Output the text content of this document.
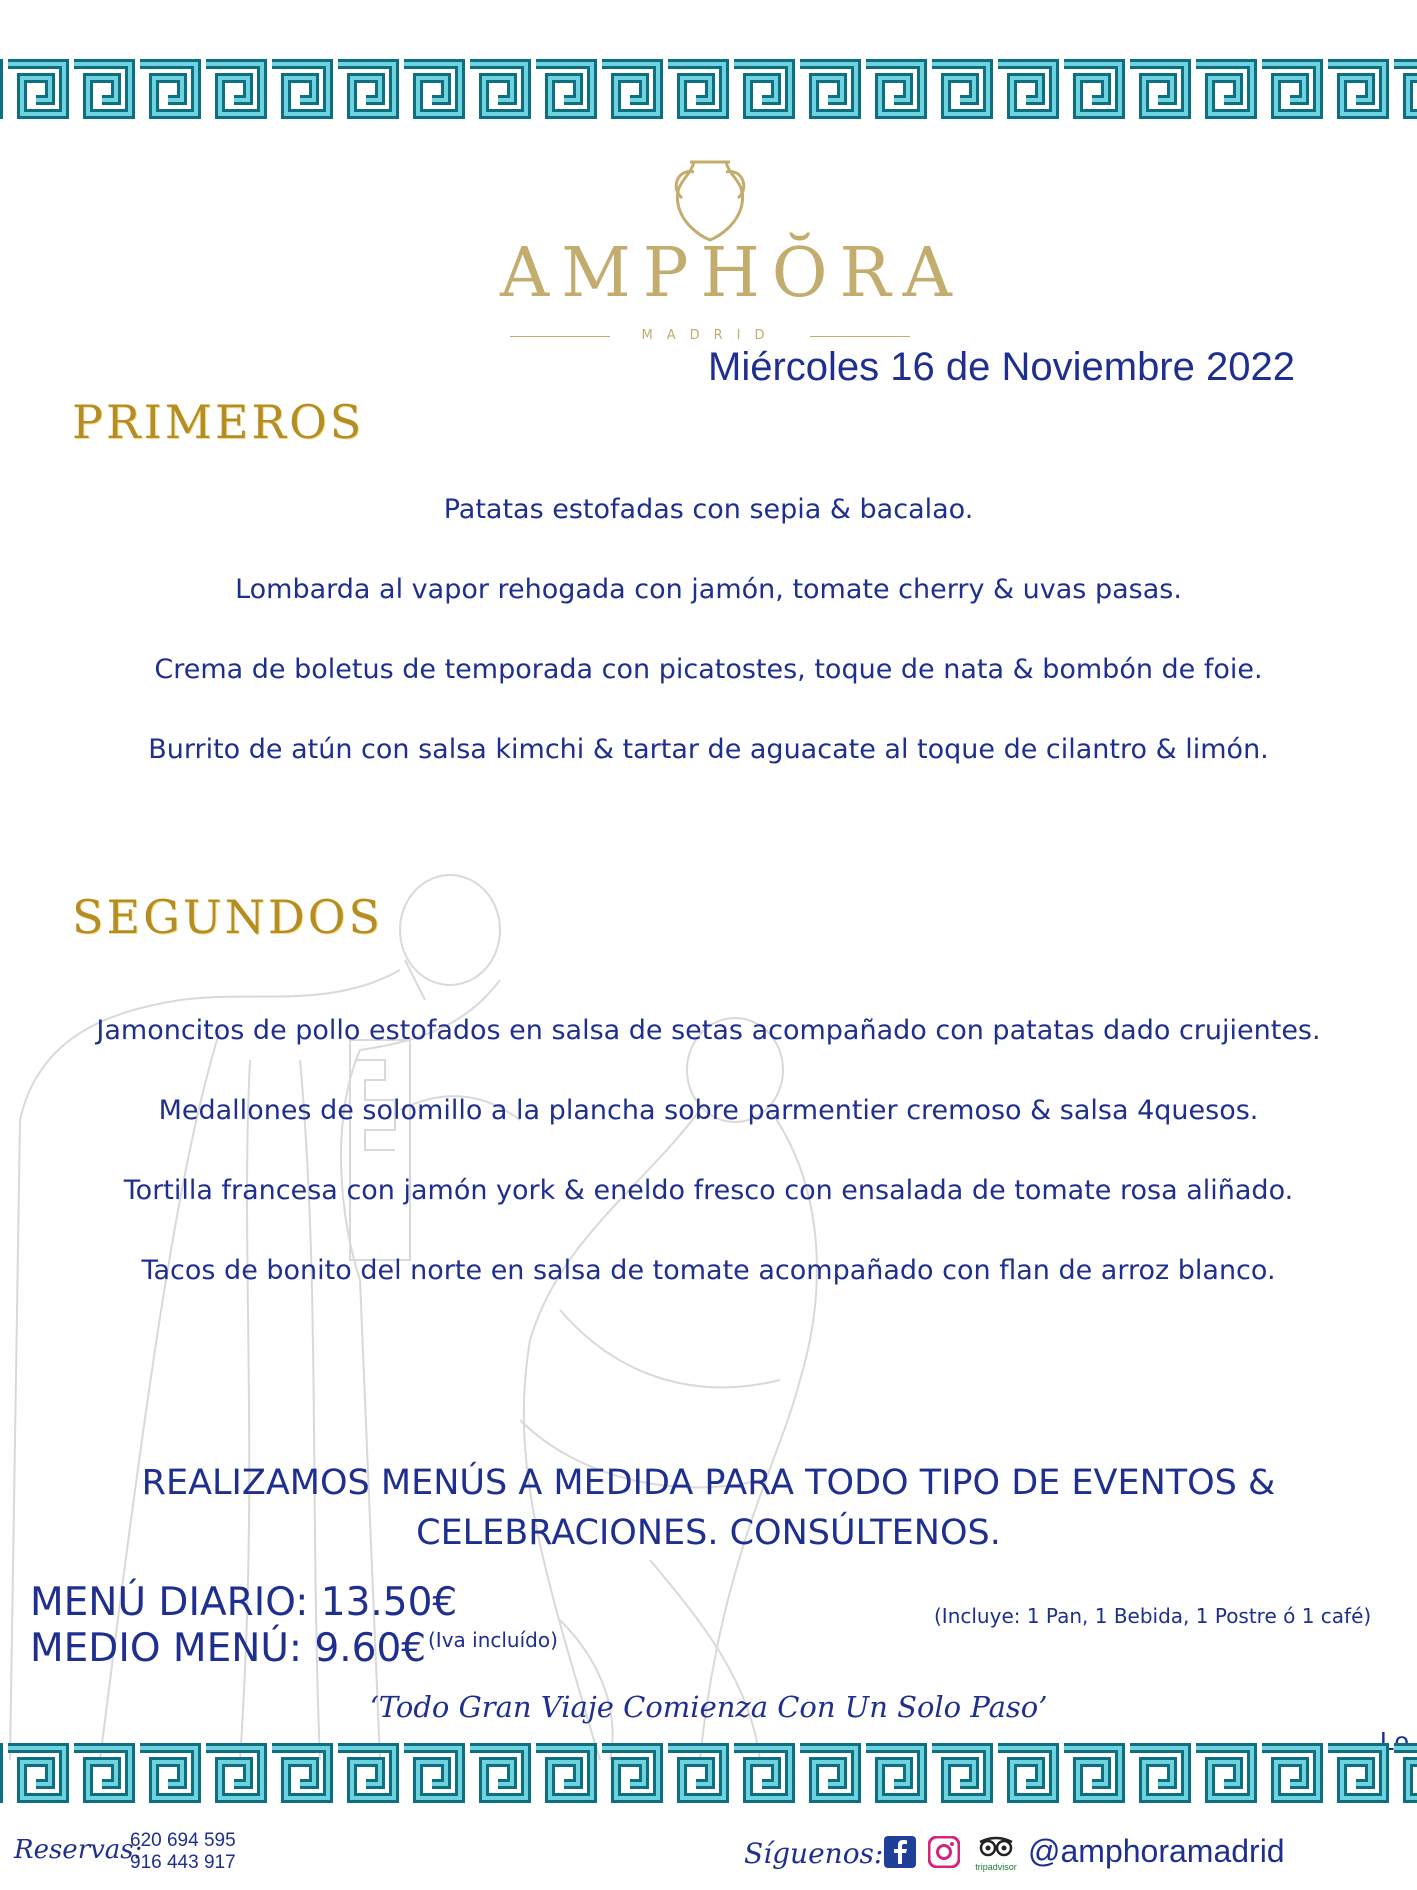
AMPHŎRA
MADRID
Miércoles 16 de Noviembre 2022
PRIMEROS
Patatas estofadas con sepia & bacalao.
Lombarda al vapor rehogada con jamón, tomate cherry & uvas pasas.
Crema de boletus de temporada con picatostes, toque de nata & bombón de foie.
Burrito de atún con salsa kimchi & tartar de aguacate al toque de cilantro & limón.
SEGUNDOS
Jamoncitos de pollo estofados en salsa de setas acompañado con patatas dado crujientes.
Medallones de solomillo a la plancha sobre parmentier cremoso & salsa 4quesos.
Tortilla francesa con jamón york & eneldo fresco con ensalada de tomate rosa aliñado.
Tacos de bonito del norte en salsa de tomate acompañado con flan de arroz blanco.
REALIZAMOS MENÚS A MEDIDA PARA TODO TIPO DE EVENTOS &
CELEBRACIONES. CONSÚLTENOS.
MENÚ DIARIO: 13.50€
MEDIO MENÚ: 9.60€ (Iva incluído)
(Incluye: 1 Pan, 1 Bebida, 1 Postre ó 1 café)
‘Todo Gran Viaje Comienza Con Un Solo Paso’
Reservas:
620 694 595
916 443 917	Síguenos:	tripadvisor @amphoramadrid
